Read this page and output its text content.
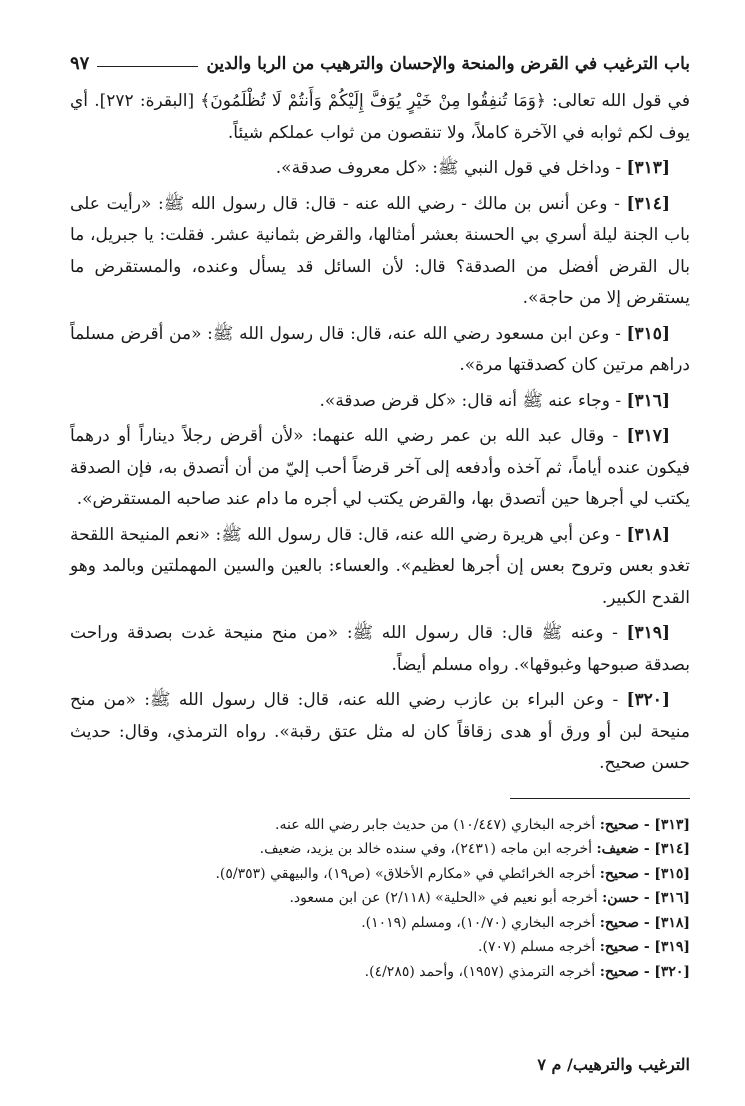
باب الترغيب في القرض والمنحة والإحسان والترهيب من الربا والدين
٩٧

في قول الله تعالى: ﴿وَمَا تُنفِقُوا مِنْ خَيْرٍ يُوَفَّ إِلَيْكُمْ وَأَنتُمْ لَا تُظْلَمُونَ﴾ [البقرة: ٢٧٢]. أي يوف لكم ثوابه في الآخرة كاملاً، ولا تنقصون من ثواب عملكم شيئاً.

[٣١٣] - وداخل في قول النبي ﷺ: «كل معروف صدقة».

[٣١٤] - وعن أنس بن مالك - رضي الله عنه - قال: قال رسول الله ﷺ: «رأيت على باب الجنة ليلة أسري بي الحسنة بعشر أمثالها، والقرض بثمانية عشر. فقلت: يا جبريل، ما بال القرض أفضل من الصدقة؟ قال: لأن السائل قد يسأل وعنده، والمستقرض ما يستقرض إلا من حاجة».

[٣١٥] - وعن ابن مسعود رضي الله عنه، قال: قال رسول الله ﷺ: «من أقرض مسلماً دراهم مرتين كان كصدقتها مرة».

[٣١٦] - وجاء عنه ﷺ أنه قال: «كل قرض صدقة».

[٣١٧] - وقال عبد الله بن عمر رضي الله عنهما: «لأن أقرض رجلاً ديناراً أو درهماً فيكون عنده أياماً، ثم آخذه وأدفعه إلى آخر قرضاً أحب إليّ من أن أتصدق به، فإن الصدقة يكتب لي أجرها حين أتصدق بها، والقرض يكتب لي أجره ما دام عند صاحبه المستقرض».

[٣١٨] - وعن أبي هريرة رضي الله عنه، قال: قال رسول الله ﷺ: «نعم المنيحة اللقحة تغدو بعس وتروح بعس إن أجرها لعظيم». والعساء: بالعين والسين المهملتين وبالمد وهو القدح الكبير.

[٣١٩] - وعنه ﷺ قال: قال رسول الله ﷺ: «من منح منيحة غدت بصدقة وراحت بصدقة صبوحها وغبوقها». رواه مسلم أيضاً.

[٣٢٠] - وعن البراء بن عازب رضي الله عنه، قال: قال رسول الله ﷺ: «من منح منيحة لبن أو ورق أو هدى زقاقاً كان له مثل عتق رقبة». رواه الترمذي، وقال: حديث حسن صحيح.

[٣١٣] - صحيح: أخرجه البخاري (١٠/٤٤٧) من حديث جابر رضي الله عنه.

[٣١٤] - ضعيف: أخرجه ابن ماجه (٢٤٣١)، وفي سنده خالد بن يزيد، ضعيف.

[٣١٥] - صحيح: أخرجه الخرائطي في «مكارم الأخلاق» (ص١٩)، والبيهقي (٥/٣٥٣).

[٣١٦] - حسن: أخرجه أبو نعيم في «الحلية» (٢/١١٨) عن ابن مسعود.

[٣١٨] - صحيح: أخرجه البخاري (١٠/٧٠)، ومسلم (١٠١٩).

[٣١٩] - صحيح: أخرجه مسلم (٧٠٧).

[٣٢٠] - صحيح: أخرجه الترمذي (١٩٥٧)، وأحمد (٤/٢٨٥).

الترغيب والترهيب/ م ٧
